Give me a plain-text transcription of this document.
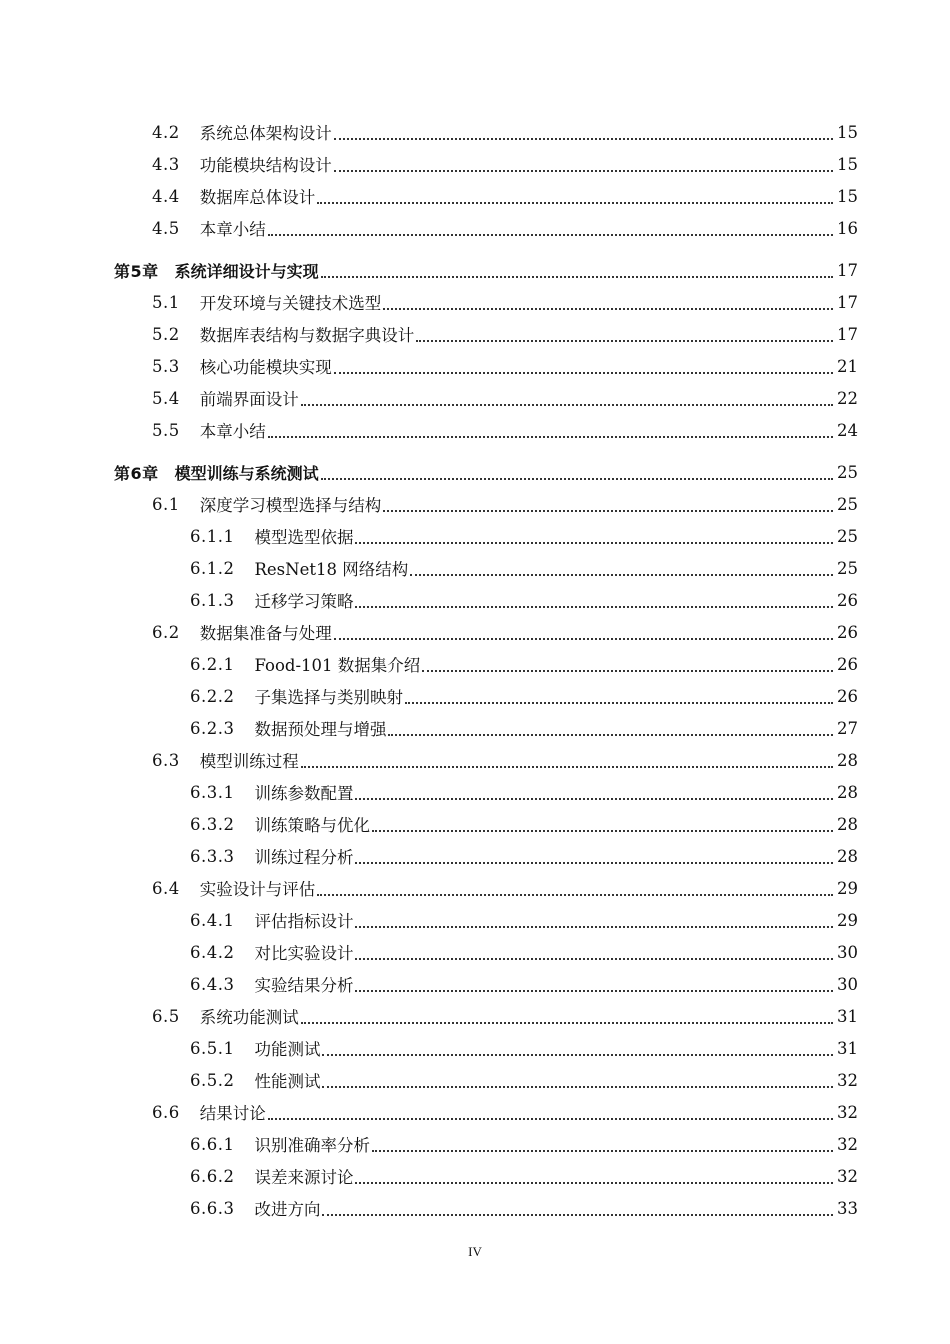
4.2 系统总体架构设计	15
4.3 功能模块结构设计	15
4.4 数据库总体设计	15
4.5 本章小结	16
第5章 系统详细设计与实现	17
5.1 开发环境与关键技术选型	17
5.2 数据库表结构与数据字典设计	17
5.3 核心功能模块实现	21
5.4 前端界面设计	22
5.5 本章小结	24
第6章 模型训练与系统测试	25
6.1 深度学习模型选择与结构	25
6.1.1 模型选型依据	25
6.1.2 ResNet18 网络结构	25
6.1.3 迁移学习策略	26
6.2 数据集准备与处理	26
6.2.1 Food-101 数据集介绍	26
6.2.2 子集选择与类别映射	26
6.2.3 数据预处理与增强	27
6.3 模型训练过程	28
6.3.1 训练参数配置	28
6.3.2 训练策略与优化	28
6.3.3 训练过程分析	28
6.4 实验设计与评估	29
6.4.1 评估指标设计	29
6.4.2 对比实验设计	30
6.4.3 实验结果分析	30
6.5 系统功能测试	31
6.5.1 功能测试	31
6.5.2 性能测试	32
6.6 结果讨论	32
6.6.1 识别准确率分析	32
6.6.2 误差来源讨论	32
6.6.3 改进方向	33
IV
